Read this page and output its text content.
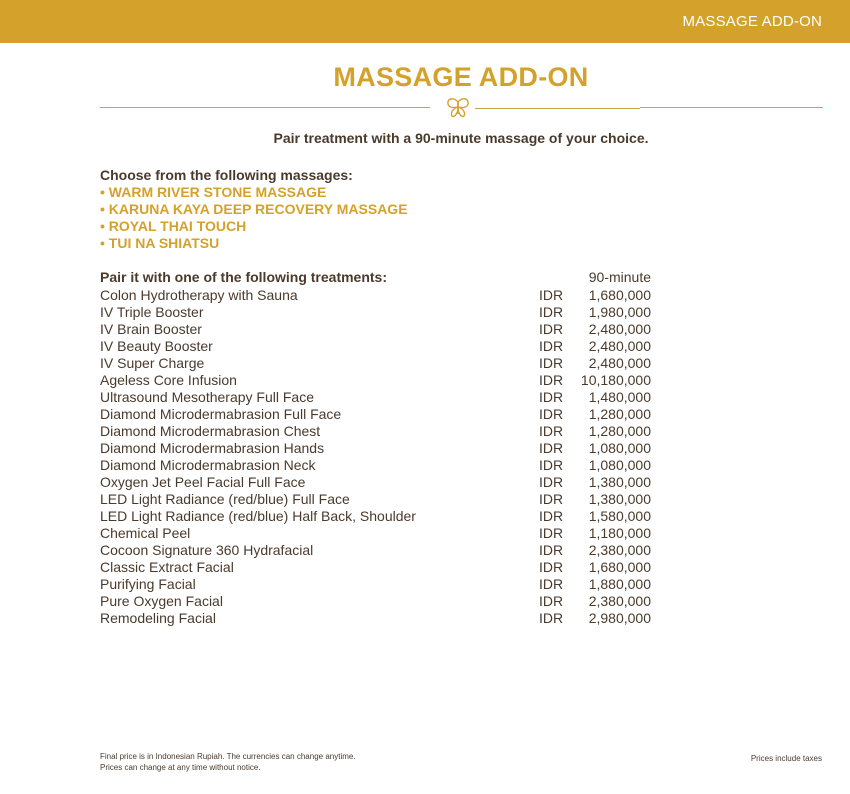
MASSAGE ADD-ON
MASSAGE ADD-ON
Pair treatment with a 90-minute massage of your choice.
Choose from the following massages:
• WARM RIVER STONE MASSAGE
• KARUNA KAYA DEEP RECOVERY MASSAGE
• ROYAL THAI TOUCH
• TUI NA SHIATSU
Pair it with one of the following treatments:	90-minute
Colon Hydrotherapy with Sauna	IDR 1,680,000
IV Triple Booster	IDR 1,980,000
IV Brain Booster	IDR 2,480,000
IV Beauty Booster	IDR 2,480,000
IV Super Charge	IDR 2,480,000
Ageless Core Infusion	IDR 10,180,000
Ultrasound Mesotherapy Full Face	IDR 1,480,000
Diamond Microdermabrasion Full Face	IDR 1,280,000
Diamond Microdermabrasion Chest	IDR 1,280,000
Diamond Microdermabrasion Hands	IDR 1,080,000
Diamond Microdermabrasion Neck	IDR 1,080,000
Oxygen Jet Peel Facial Full Face	IDR 1,380,000
LED Light Radiance (red/blue) Full Face	IDR 1,380,000
LED Light Radiance (red/blue) Half Back, Shoulder	IDR 1,580,000
Chemical Peel	IDR 1,180,000
Cocoon Signature 360 Hydrafacial	IDR 2,380,000
Classic Extract Facial	IDR 1,680,000
Purifying Facial	IDR 1,880,000
Pure Oxygen Facial	IDR 2,380,000
Remodeling Facial	IDR 2,980,000
Final price is in Indonesian Rupiah. The currencies can change anytime.
Prices can change at any time without notice.
Prices include taxes
